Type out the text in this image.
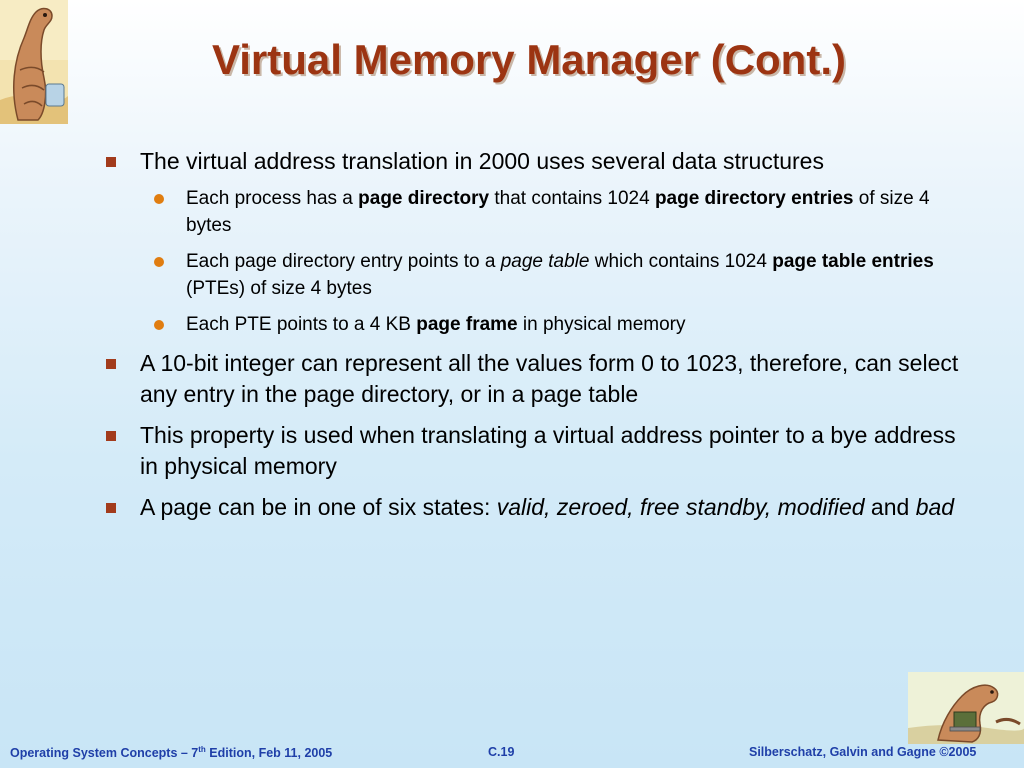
Virtual Memory Manager (Cont.)
The virtual address translation in 2000 uses several data structures
Each process has a page directory that contains 1024 page directory entries of size 4 bytes
Each page directory entry points to a page table which contains 1024 page table entries (PTEs) of size 4 bytes
Each PTE points to a 4 KB page frame in physical memory
A 10-bit integer can represent all the values form 0 to 1023, therefore, can select any entry in the page directory, or in a page table
This property is used when translating a virtual address pointer to a bye address in physical memory
A page can be in one of six states: valid, zeroed, free standby, modified and bad
Operating System Concepts – 7th Edition, Feb 11, 2005	C.19	Silberschatz, Galvin and Gagne ©2005
